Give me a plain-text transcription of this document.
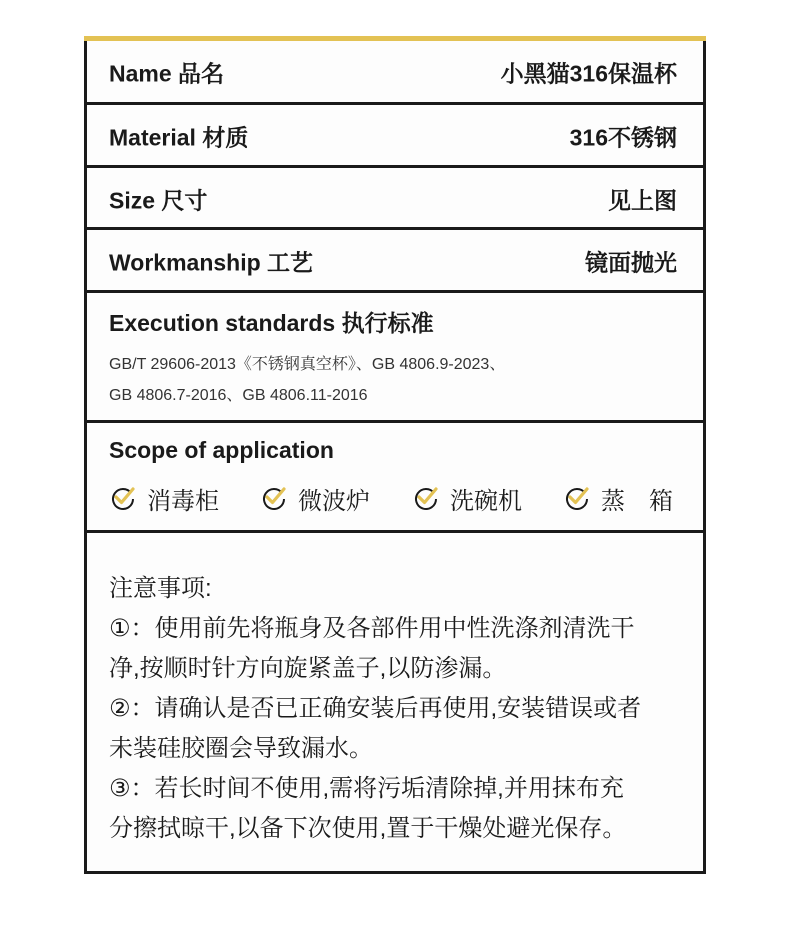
Name 品名	小黑猫316保温杯
Material 材质	316不锈钢
Size 尺寸	见上图
Workmanship 工艺	镜面抛光
Execution standards 执行标准
GB/T 29606-2013《不锈钢真空杯》、GB 4806.9-2023、
GB 4806.7-2016、GB 4806.11-2016
Scope of application
消毒柜	微波炉	洗碗机	蒸　箱
注意事项:
①：使用前先将瓶身及各部件用中性洗涤剂清洗干
净,按顺时针方向旋紧盖子,以防渗漏。
②：请确认是否已正确安装后再使用,安装错误或者
未装硅胶圈会导致漏水。
③：若长时间不使用,需将污垢清除掉,并用抹布充
分擦拭晾干,以备下次使用,置于干燥处避光保存。
